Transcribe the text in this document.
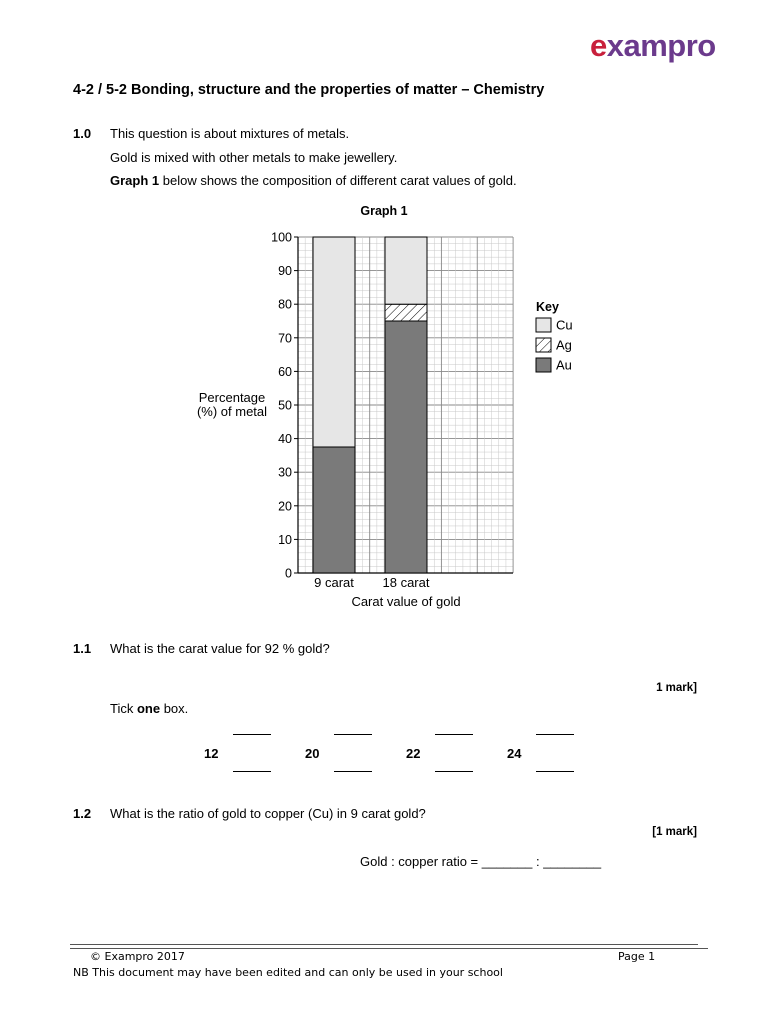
exampro
4-2 / 5-2 Bonding, structure and the properties of matter – Chemistry
1.0 This question is about mixtures of metals.
Gold is mixed with other metals to make jewellery.
Graph 1 below shows the composition of different carat values of gold.
Graph 1
0
10
20
30
40
50
60
70
80
90
100
9 carat 18 carat
Percentage
(%) of metal
Carat value of gold
Key
Cu
Ag
Au
1.1 What is the carat value for 92 % gold?
1 mark]
Tick one box.
12	20	22	24
1.2 What is the ratio of gold to copper (Cu) in 9 carat gold?
[1 mark]
Gold : copper ratio = _______ : ________
© Exampro 2017	Page 1
NB This document may have been edited and can only be used in your school
